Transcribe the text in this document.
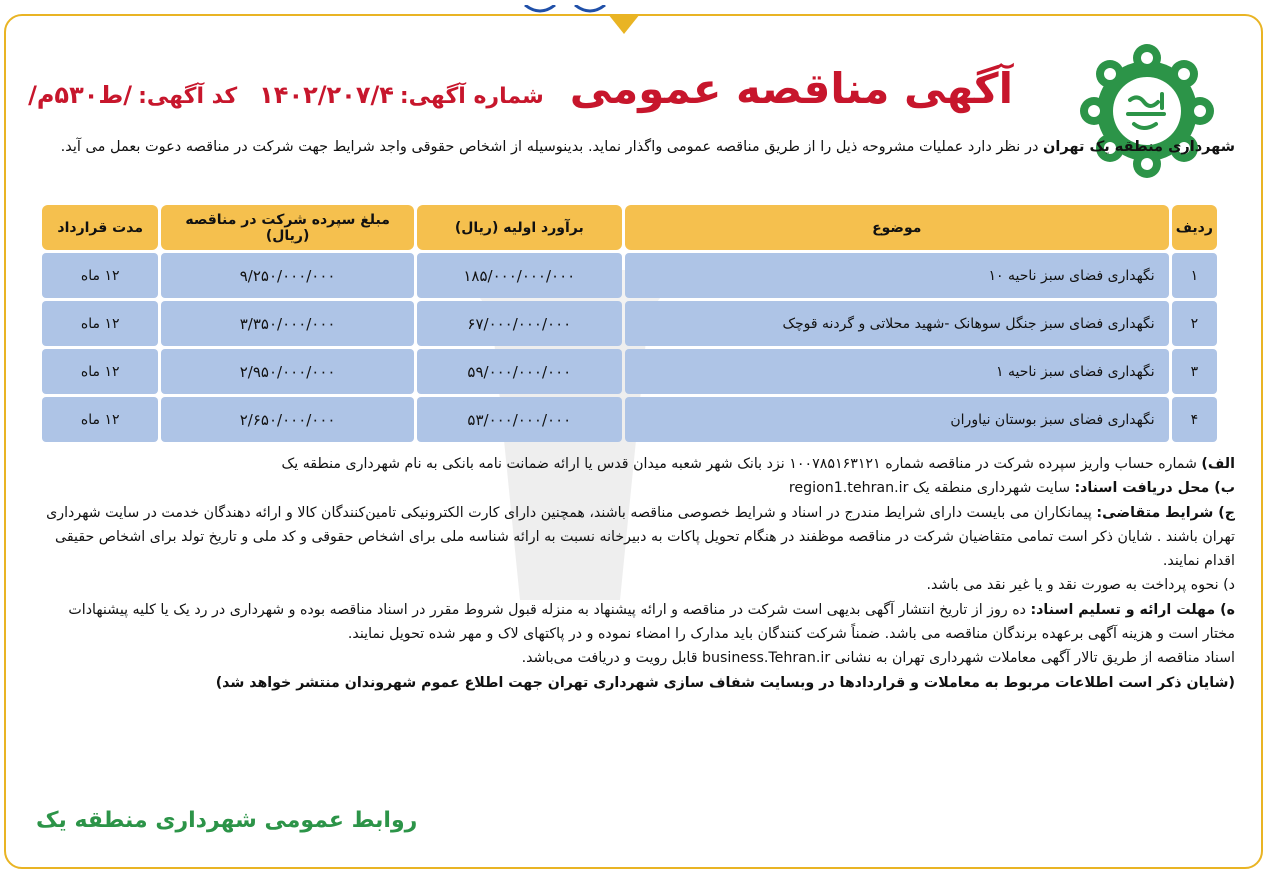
آگهی مناقصه عمومی
شماره آگهی:
۱۴۰۲/۲۰۷/۴
کد آگهی:
/ط۵۳۰م/
شهرداری منطقه یک تهران در نظر دارد عملیات مشروحه ذیل را از طریق مناقصه عمومی واگذار نماید. بدینوسیله از اشخاص حقوقی واجد شرایط جهت شرکت در مناقصه دعوت بعمل می آید.
ردیف	موضوع	برآورد اولیه (ریال)	مبلغ سپرده شرکت در مناقصه (ریال)	مدت قرارداد
۱	نگهداری فضای سبز ناحیه ۱۰	۱۸۵/۰۰۰/۰۰۰/۰۰۰	۹/۲۵۰/۰۰۰/۰۰۰	۱۲ ماه
۲	نگهداری فضای سبز جنگل سوهانک -شهید محلاتی و گردنه قوچک	۶۷/۰۰۰/۰۰۰/۰۰۰	۳/۳۵۰/۰۰۰/۰۰۰	۱۲ ماه
۳	نگهداری فضای سبز ناحیه ۱	۵۹/۰۰۰/۰۰۰/۰۰۰	۲/۹۵۰/۰۰۰/۰۰۰	۱۲ ماه
۴	نگهداری فضای سبز بوستان نیاوران	۵۳/۰۰۰/۰۰۰/۰۰۰	۲/۶۵۰/۰۰۰/۰۰۰	۱۲ ماه

الف) شماره حساب واریز سپرده شرکت در مناقصه شماره ۱۰۰۷۸۵۱۶۳۱۲۱ نزد بانک شهر شعبه میدان قدس یا ارائه ضمانت نامه بانکی به نام شهرداری منطقه یک

ب) محل دریافت اسناد: سایت شهرداری منطقه یک region1.tehran.ir

ج) شرایط متقاضی: پیمانکاران می بایست دارای شرایط مندرج در اسناد و شرایط خصوصی مناقصه باشند، همچنین دارای کارت الکترونیکی تامین‌کنندگان کالا و ارائه دهندگان خدمت در سایت شهرداری تهران باشند . شایان ذکر است تمامی متقاضیان شرکت در مناقصه موظفند در هنگام تحویل پاکات به دبیرخانه نسبت به ارائه شناسه ملی برای اشخاص حقوقی و کد ملی و تاریخ تولد برای اشخاص حقیقی اقدام نمایند.

د) نحوه پرداخت به صورت نقد و یا غیر نقد می باشد.

ه) مهلت ارائه و تسلیم اسناد: ده روز از تاریخ انتشار آگهی بدیهی است شرکت در مناقصه و ارائه پیشنهاد به منزله قبول شروط مقرر در اسناد مناقصه بوده و شهرداری در رد یک یا کلیه پیشنهادات مختار است و هزینه آگهی برعهده برندگان مناقصه می باشد. ضمناً شرکت کنندگان باید مدارک را امضاء نموده و در پاکتهای لاک و مهر شده تحویل نمایند.

اسناد مناقصه از طریق تالار آگهی معاملات شهرداری تهران به نشانی business.Tehran.ir قابل رویت و دریافت می‌باشد.

(شایان ذکر است اطلاعات مربوط به معاملات و قراردادها در وبسایت شفاف سازی شهرداری تهران جهت اطلاع عموم شهروندان منتشر خواهد شد)

روابط عمومی شهرداری منطقه یک
